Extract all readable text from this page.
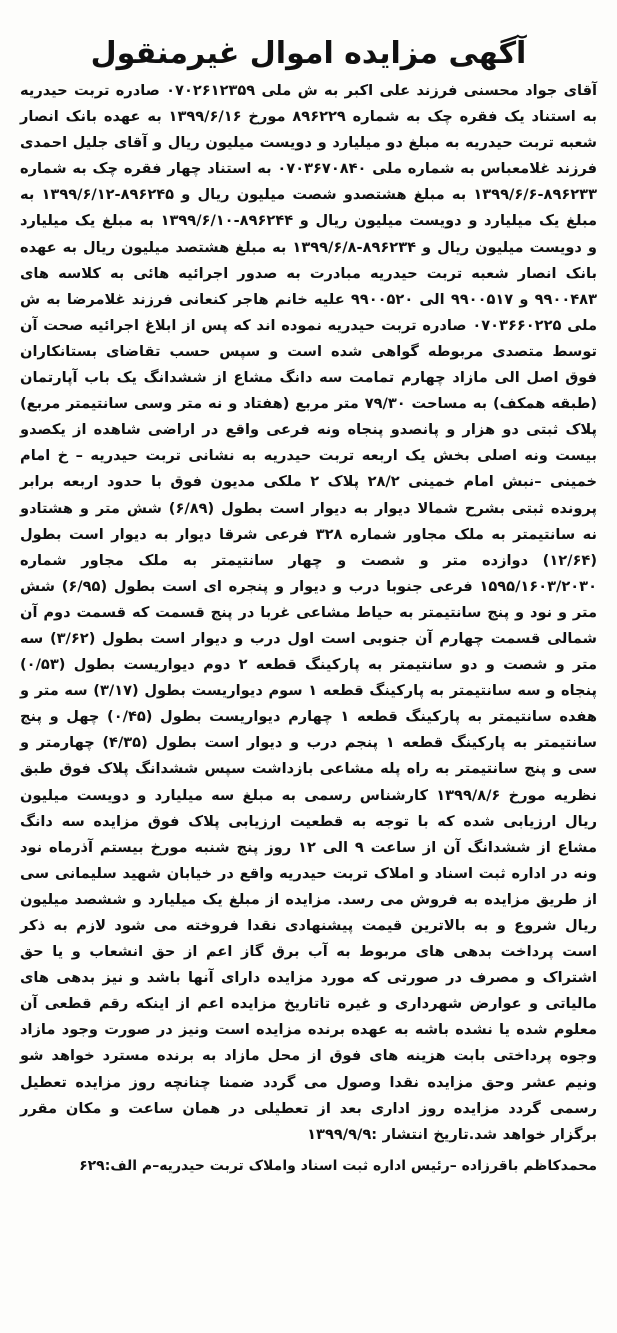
آگهی مزایده اموال غیرمنقول

آقای جواد محسنی فرزند علی اکبر به ش ملی ۰۷۰۲۶۱۲۳۵۹ صادره تربت حیدریه به استناد یک فقره چک به شماره ۸۹۶۲۲۹ مورخ ۱۳۹۹/۶/۱۶ به عهده بانک انصار شعبه تربت حیدریه به مبلغ دو میلیارد و دویست میلیون ریال و آقای جلیل احمدی فرزند غلامعباس به شماره ملی ۰۷۰۳۶۷۰۸۴۰ به استناد چهار فقره چک به شماره ۸۹۶۲۳۳-۱۳۹۹/۶/۶ به مبلغ هشتصدو شصت میلیون ریال و ۸۹۶۲۴۵-۱۳۹۹/۶/۱۲ به مبلغ یک میلیارد و دویست میلیون ریال و ۸۹۶۲۴۴-۱۳۹۹/۶/۱۰ به مبلغ یک میلیارد و دویست میلیون ریال و ۸۹۶۲۳۴-۱۳۹۹/۶/۸ به مبلغ هشتصد میلیون ریال به عهده بانک انصار شعبه تربت حیدریه مبادرت به صدور اجرائیه هائی به کلاسه های ۹۹۰۰۴۸۳ و ۹۹۰۰۵۱۷ الی ۹۹۰۰۵۲۰ علیه خانم هاجر کنعانی فرزند غلامرضا به ش ملی ۰۷۰۳۶۶۰۲۲۵ صادره تربت حیدریه نموده اند که پس از ابلاغ اجرائیه صحت آن توسط متصدی مربوطه گواهی شده است و سپس حسب تقاضای بستانکاران فوق اصل الی مازاد چهارم تمامت سه دانگ مشاع از ششدانگ یک باب آپارتمان (طبقه همکف) به مساحت ۷۹/۳۰ متر مربع (هفتاد و نه متر وسی سانتیمتر مربع) پلاک ثبتی دو هزار و پانصدو پنجاه ونه فرعی واقع در اراضی شاهده از یکصدو بیست ونه اصلی بخش یک اربعه تربت حیدریه به نشانی تربت حیدریه – خ امام خمینی –نبش امام خمینی ۲۸/۲ پلاک ۲ ملکی مدیون فوق با حدود اربعه برابر پرونده ثبتی بشرح شمالا دیوار به دیوار است بطول (۶/۸۹) شش متر و هشتادو نه سانتیمتر به ملک مجاور شماره ۳۲۸ فرعی شرقا دیوار به دیوار است بطول (۱۲/۶۴) دوازده متر و شصت و چهار سانتیمتر به ملک مجاور شماره ۱۵۹۵/۱۶۰۳/۲۰۳۰ فرعی جنوبا درب و دیوار و پنجره ای است بطول (۶/۹۵) شش متر و نود و پنج سانتیمتر به حیاط مشاعی غربا در پنج قسمت که قسمت دوم آن شمالی قسمت چهارم آن جنوبی است اول درب و دیوار است بطول (۳/۶۲) سه متر و شصت و دو سانتیمتر به پارکینگ قطعه ۲ دوم دیواریست بطول (۰/۵۳) پنجاه و سه سانتیمتر به پارکینگ قطعه ۱ سوم دیواریست بطول (۳/۱۷) سه متر و هفده سانتیمتر به پارکینگ قطعه ۱ چهارم دیواریست بطول (۰/۴۵) چهل و پنج سانتیمتر به پارکینگ قطعه ۱ پنجم درب و دیوار است بطول (۴/۳۵) چهارمتر و سی و پنج سانتیمتر به راه پله مشاعی بازداشت سپس ششدانگ پلاک فوق طبق نظریه مورخ ۱۳۹۹/۸/۶ کارشناس رسمی به مبلغ سه میلیارد و دویست میلیون ریال ارزیابی شده که با توجه به قطعیت ارزیابی پلاک فوق مزایده سه دانگ مشاع از ششدانگ آن از ساعت ۹ الی ۱۲ روز پنج شنبه مورخ بیستم آذرماه نود ونه در اداره ثبت اسناد و املاک تربت حیدریه واقع در خیابان شهید سلیمانی سی از طریق مزایده به فروش می رسد. مزایده از مبلغ یک میلیارد و ششصد میلیون ریال شروع و به بالاترین قیمت پیشنهادی نقدا فروخته می شود لازم به ذکر است پرداخت بدهی های مربوط به آب برق گاز اعم از حق انشعاب و یا حق اشتراک و مصرف در صورتی که مورد مزایده دارای آنها باشد و نیز بدهی های مالیاتی و عوارض شهرداری و غیره تاتاریخ مزایده اعم از اینکه رقم قطعی آن معلوم شده یا نشده باشه به عهده برنده مزایده است ونیز در صورت وجود مازاد وجوه پرداختی بابت هزینه های فوق از محل مازاد به برنده مسترد خواهد شو ونیم عشر وحق مزایده نقدا وصول می گردد ضمنا چنانچه روز مزایده تعطیل رسمی گردد مزایده روز اداری بعد از تعطیلی در همان ساعت و مکان مقرر برگزار خواهد شد.تاریخ انتشار :۱۳۹۹/۹/۹

محمدکاظم باقرزاده –رئیس اداره ثبت اسناد واملاک تربت حیدریه–م الف:۶۲۹
